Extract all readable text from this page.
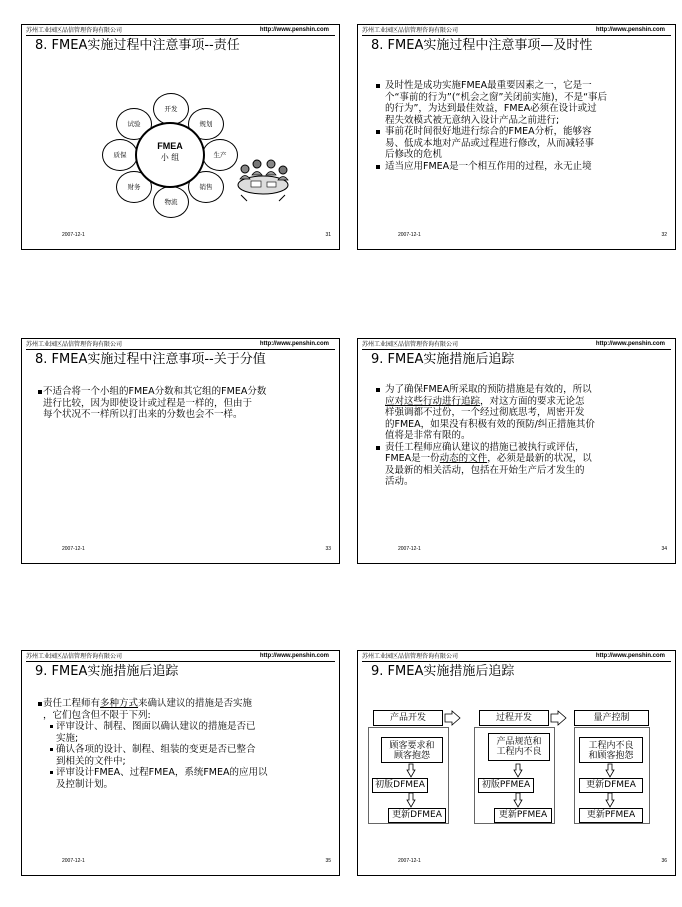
苏州工业园区品信管理咨询有限公司	http://www.penshin.com
8. FMEA实施过程中注意事项--责任
开发
规划
生产
销售
物流
财务
质保
试验
FMEA
小 组
2007-12-1	31
苏州工业园区品信管理咨询有限公司	http://www.penshin.com
8. FMEA实施过程中注意事项—及时性

及时性是成功实施FMEA最重要因素之一，它是一

个“事前的行为”(“机会之窗”关闭前实施)，不是“事后

的行为”，为达到最佳效益，FMEA必须在设计或过

程失效模式被无意纳入设计产品之前进行;

事前花时间很好地进行综合的FMEA分析，能够容

易、低成本地对产品或过程进行修改，从而减轻事

后修改的危机

适当应用FMEA是一个相互作用的过程，永无止境

2007-12-1	32
苏州工业园区品信管理咨询有限公司	http://www.penshin.com
8. FMEA实施过程中注意事项--关于分值

不适合将一个小组的FMEA分数和其它组的FMEA分数

进行比较，因为即使设计或过程是一样的，但由于

每个状况不一样所以打出来的分数也会不一样。

2007-12-1	33
苏州工业园区品信管理咨询有限公司	http://www.penshin.com
9. FMEA实施措施后追踪

为了确保FMEA所采取的预防措施是有效的，所以

应对这些行动进行追踪，对这方面的要求无论怎

样强调都不过份，一个经过彻底思考，周密开发

的FMEA，如果没有积极有效的预防/纠正措施其价

值将是非常有限的。

责任工程师应确认建议的措施已被执行或评估，

FMEA是一份动态的文件，必须是最新的状况，以

及最新的相关活动，包括在开始生产后才发生的

活动。

2007-12-1	34
苏州工业园区品信管理咨询有限公司	http://www.penshin.com
9. FMEA实施措施后追踪

责任工程师有多种方式来确认建议的措施是否实施

，它们包含但不限于下列:

评审设计、制程、图面以确认建议的措施是否已

实施;

确认各项的设计、制程、组装的变更是否已整合

到相关的文件中;

评审设计FMEA、过程FMEA，系统FMEA的应用以

及控制计划。

2007-12-1	35
苏州工业园区品信管理咨询有限公司	http://www.penshin.com
9. FMEA实施措施后追踪
产品开发	过程开发	量产控制
顾客要求和
顾客抱怨
产品规范和
工程内不良
工程内不良
和顾客抱怨
初版DFMEA	初版PFMEA	更新DFMEA
更新DFMEA	更新PFMEA	更新PFMEA
2007-12-1	36
